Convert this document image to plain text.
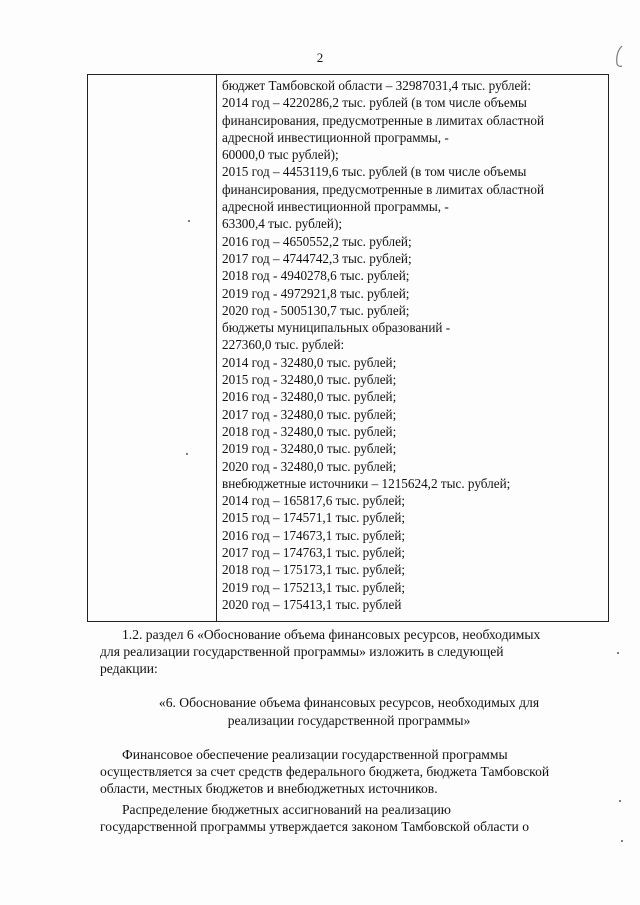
2
бюджет Тамбовской области – 32987031,4 тыс. рублей:
2014 год – 4220286,2 тыс. рублей (в том числе объемы
финансирования, предусмотренные в лимитах областной
адресной инвестиционной программы, -
60000,0 тыс рублей);
2015 год – 4453119,6 тыс. рублей (в том числе объемы
финансирования, предусмотренные в лимитах областной
адресной инвестиционной программы, -
63300,4 тыс. рублей);
2016 год – 4650552,2 тыс. рублей;
2017 год – 4744742,3 тыс. рублей;
2018 год - 4940278,6 тыс. рублей;
2019 год - 4972921,8 тыс. рублей;
2020 год - 5005130,7 тыс. рублей;
бюджеты муниципальных образований -
227360,0 тыс. рублей:
2014 год - 32480,0 тыс. рублей;
2015 год - 32480,0 тыс. рублей;
2016 год - 32480,0 тыс. рублей;
2017 год - 32480,0 тыс. рублей;
2018 год - 32480,0 тыс. рублей;
2019 год - 32480,0 тыс. рублей;
2020 год - 32480,0 тыс. рублей;
внебюджетные источники – 1215624,2 тыс. рублей;
2014 год – 165817,6 тыс. рублей;
2015 год – 174571,1 тыс. рублей;
2016 год – 174673,1 тыс. рублей;
2017 год – 174763,1 тыс. рублей;
2018 год – 175173,1 тыс. рублей;
2019 год – 175213,1 тыс. рублей;
2020 год – 175413,1 тыс. рублей
1.2. раздел 6 «Обоснование объема финансовых ресурсов, необходимых
для реализации государственной программы» изложить в следующей
редакции:
«6. Обоснование объема финансовых ресурсов, необходимых для
реализации государственной программы»
Финансовое обеспечение реализации государственной программы
осуществляется за счет средств федерального бюджета, бюджета Тамбовской
области, местных бюджетов и внебюджетных источников.
Распределение бюджетных ассигнований на реализацию
государственной программы утверждается законом Тамбовской области о
